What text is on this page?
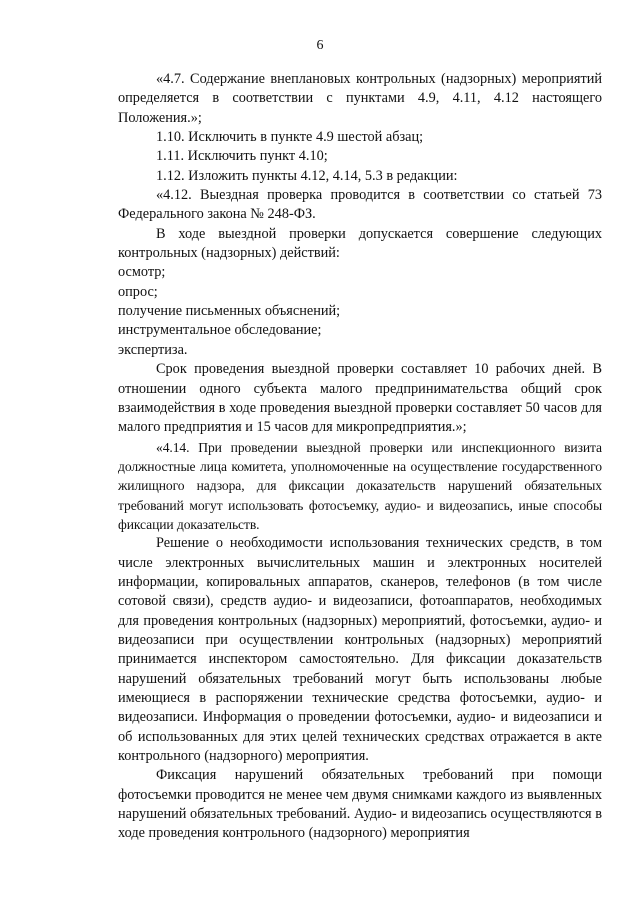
6

«4.7. Содержание внеплановых контрольных (надзорных) мероприятий определяется в соответствии с пунктами 4.9, 4.11, 4.12 настоящего Положения.»;

1.10. Исключить в пункте 4.9 шестой абзац;

1.11. Исключить пункт 4.10;

1.12. Изложить пункты 4.12, 4.14, 5.3 в редакции:

«4.12. Выездная проверка проводится в соответствии со статьей 73 Федерального закона № 248-ФЗ.

В ходе выездной проверки допускается совершение следующих контрольных (надзорных) действий:

осмотр;

опрос;

получение письменных объяснений;

инструментальное обследование;

экспертиза.

Срок проведения выездной проверки составляет 10 рабочих дней. В отношении одного субъекта малого предпринимательства общий срок взаимодействия в ходе проведения выездной проверки составляет 50 часов для малого предприятия и 15 часов для микропредприятия.»;

«4.14. При проведении выездной проверки или инспекционного визита должностные лица комитета, уполномоченные на осуществление государственного жилищного надзора, для фиксации доказательств нарушений обязательных требований могут использовать фотосъемку, аудио- и видеозапись, иные способы фиксации доказательств.

Решение о необходимости использования технических средств, в том числе электронных вычислительных машин и электронных носителей информации, копировальных аппаратов, сканеров, телефонов (в том числе сотовой связи), средств аудио- и видеозаписи, фотоаппаратов, необходимых для проведения контрольных (надзорных) мероприятий, фотосъемки, аудио- и видеозаписи при осуществлении контрольных (надзорных) мероприятий принимается инспектором самостоятельно. Для фиксации доказательств нарушений обязательных требований могут быть использованы любые имеющиеся в распоряжении технические средства фотосъемки, аудио- и видеозаписи. Информация о проведении фотосъемки, аудио- и видеозаписи и об использованных для этих целей технических средствах отражается в акте контрольного (надзорного) мероприятия.

Фиксация нарушений обязательных требований при помощи фотосъемки проводится не менее чем двумя снимками каждого из выявленных нарушений обязательных требований. Аудио- и видеозапись осуществляются в ходе проведения контрольного (надзорного) мероприятия
